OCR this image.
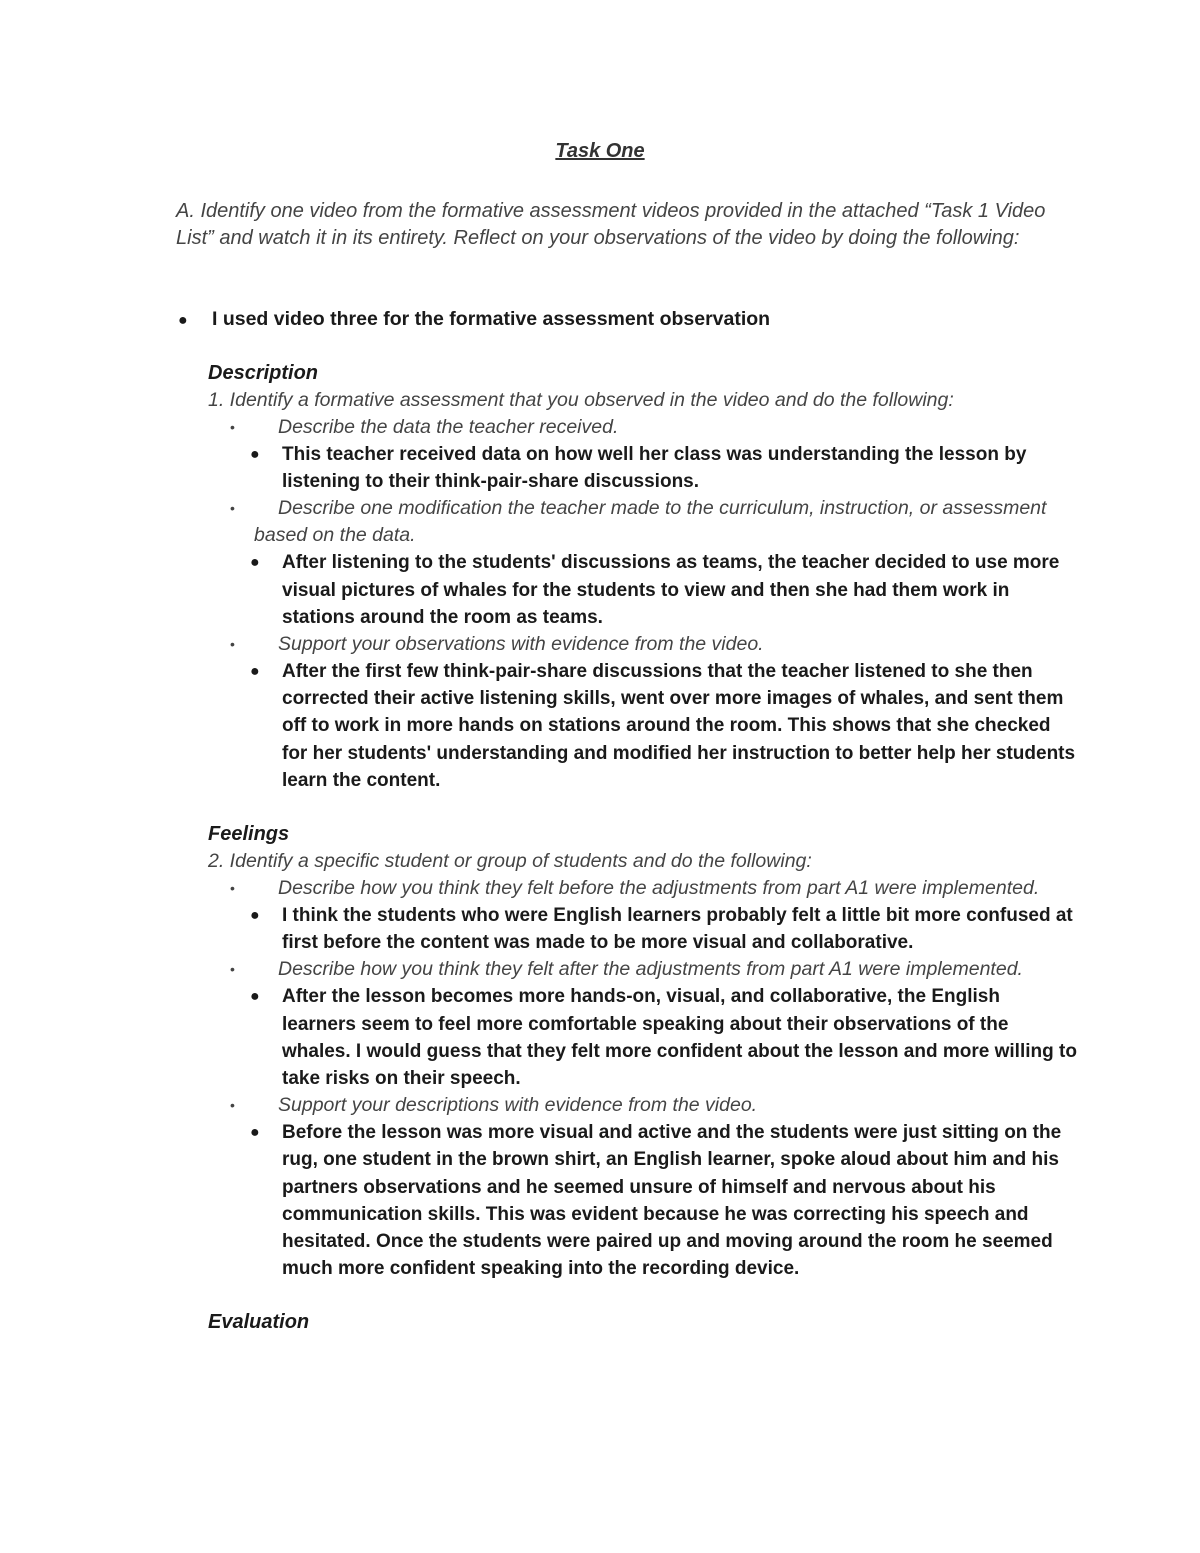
Task One

A. Identify one video from the formative assessment videos provided in the attached “Task 1 Video List” and watch it in its entirety. Reflect on your observations of the video by doing the following:

● I used video three for the formative assessment observation

Description

1. Identify a formative assessment that you observed in the video and do the following:

• Describe the data the teacher received.

● This teacher received data on how well her class was understanding the lesson by listening to their think-pair-share discussions.

• Describe one modification the teacher made to the curriculum, instruction, or assessment based on the data.

● After listening to the students' discussions as teams, the teacher decided to use more visual pictures of whales for the students to view and then she had them work in stations around the room as teams.

• Support your observations with evidence from the video.

● After the first few think-pair-share discussions that the teacher listened to she then corrected their active listening skills, went over more images of whales, and sent them off to work in more hands on stations around the room. This shows that she checked for her students' understanding and modified her instruction to better help her students learn the content.

Feelings

2. Identify a specific student or group of students and do the following:

• Describe how you think they felt before the adjustments from part A1 were implemented.

● I think the students who were English learners probably felt a little bit more confused at first before the content was made to be more visual and collaborative.

• Describe how you think they felt after the adjustments from part A1 were implemented.

● After the lesson becomes more hands-on, visual, and collaborative, the English learners seem to feel more comfortable speaking about their observations of the whales. I would guess that they felt more confident about the lesson and more willing to take risks on their speech.

• Support your descriptions with evidence from the video.

● Before the lesson was more visual and active and the students were just sitting on the rug, one student in the brown shirt, an English learner, spoke aloud about him and his partners observations and he seemed unsure of himself and nervous about his communication skills. This was evident because he was correcting his speech and hesitated. Once the students were paired up and moving around the room he seemed much more confident speaking into the recording device.

Evaluation
